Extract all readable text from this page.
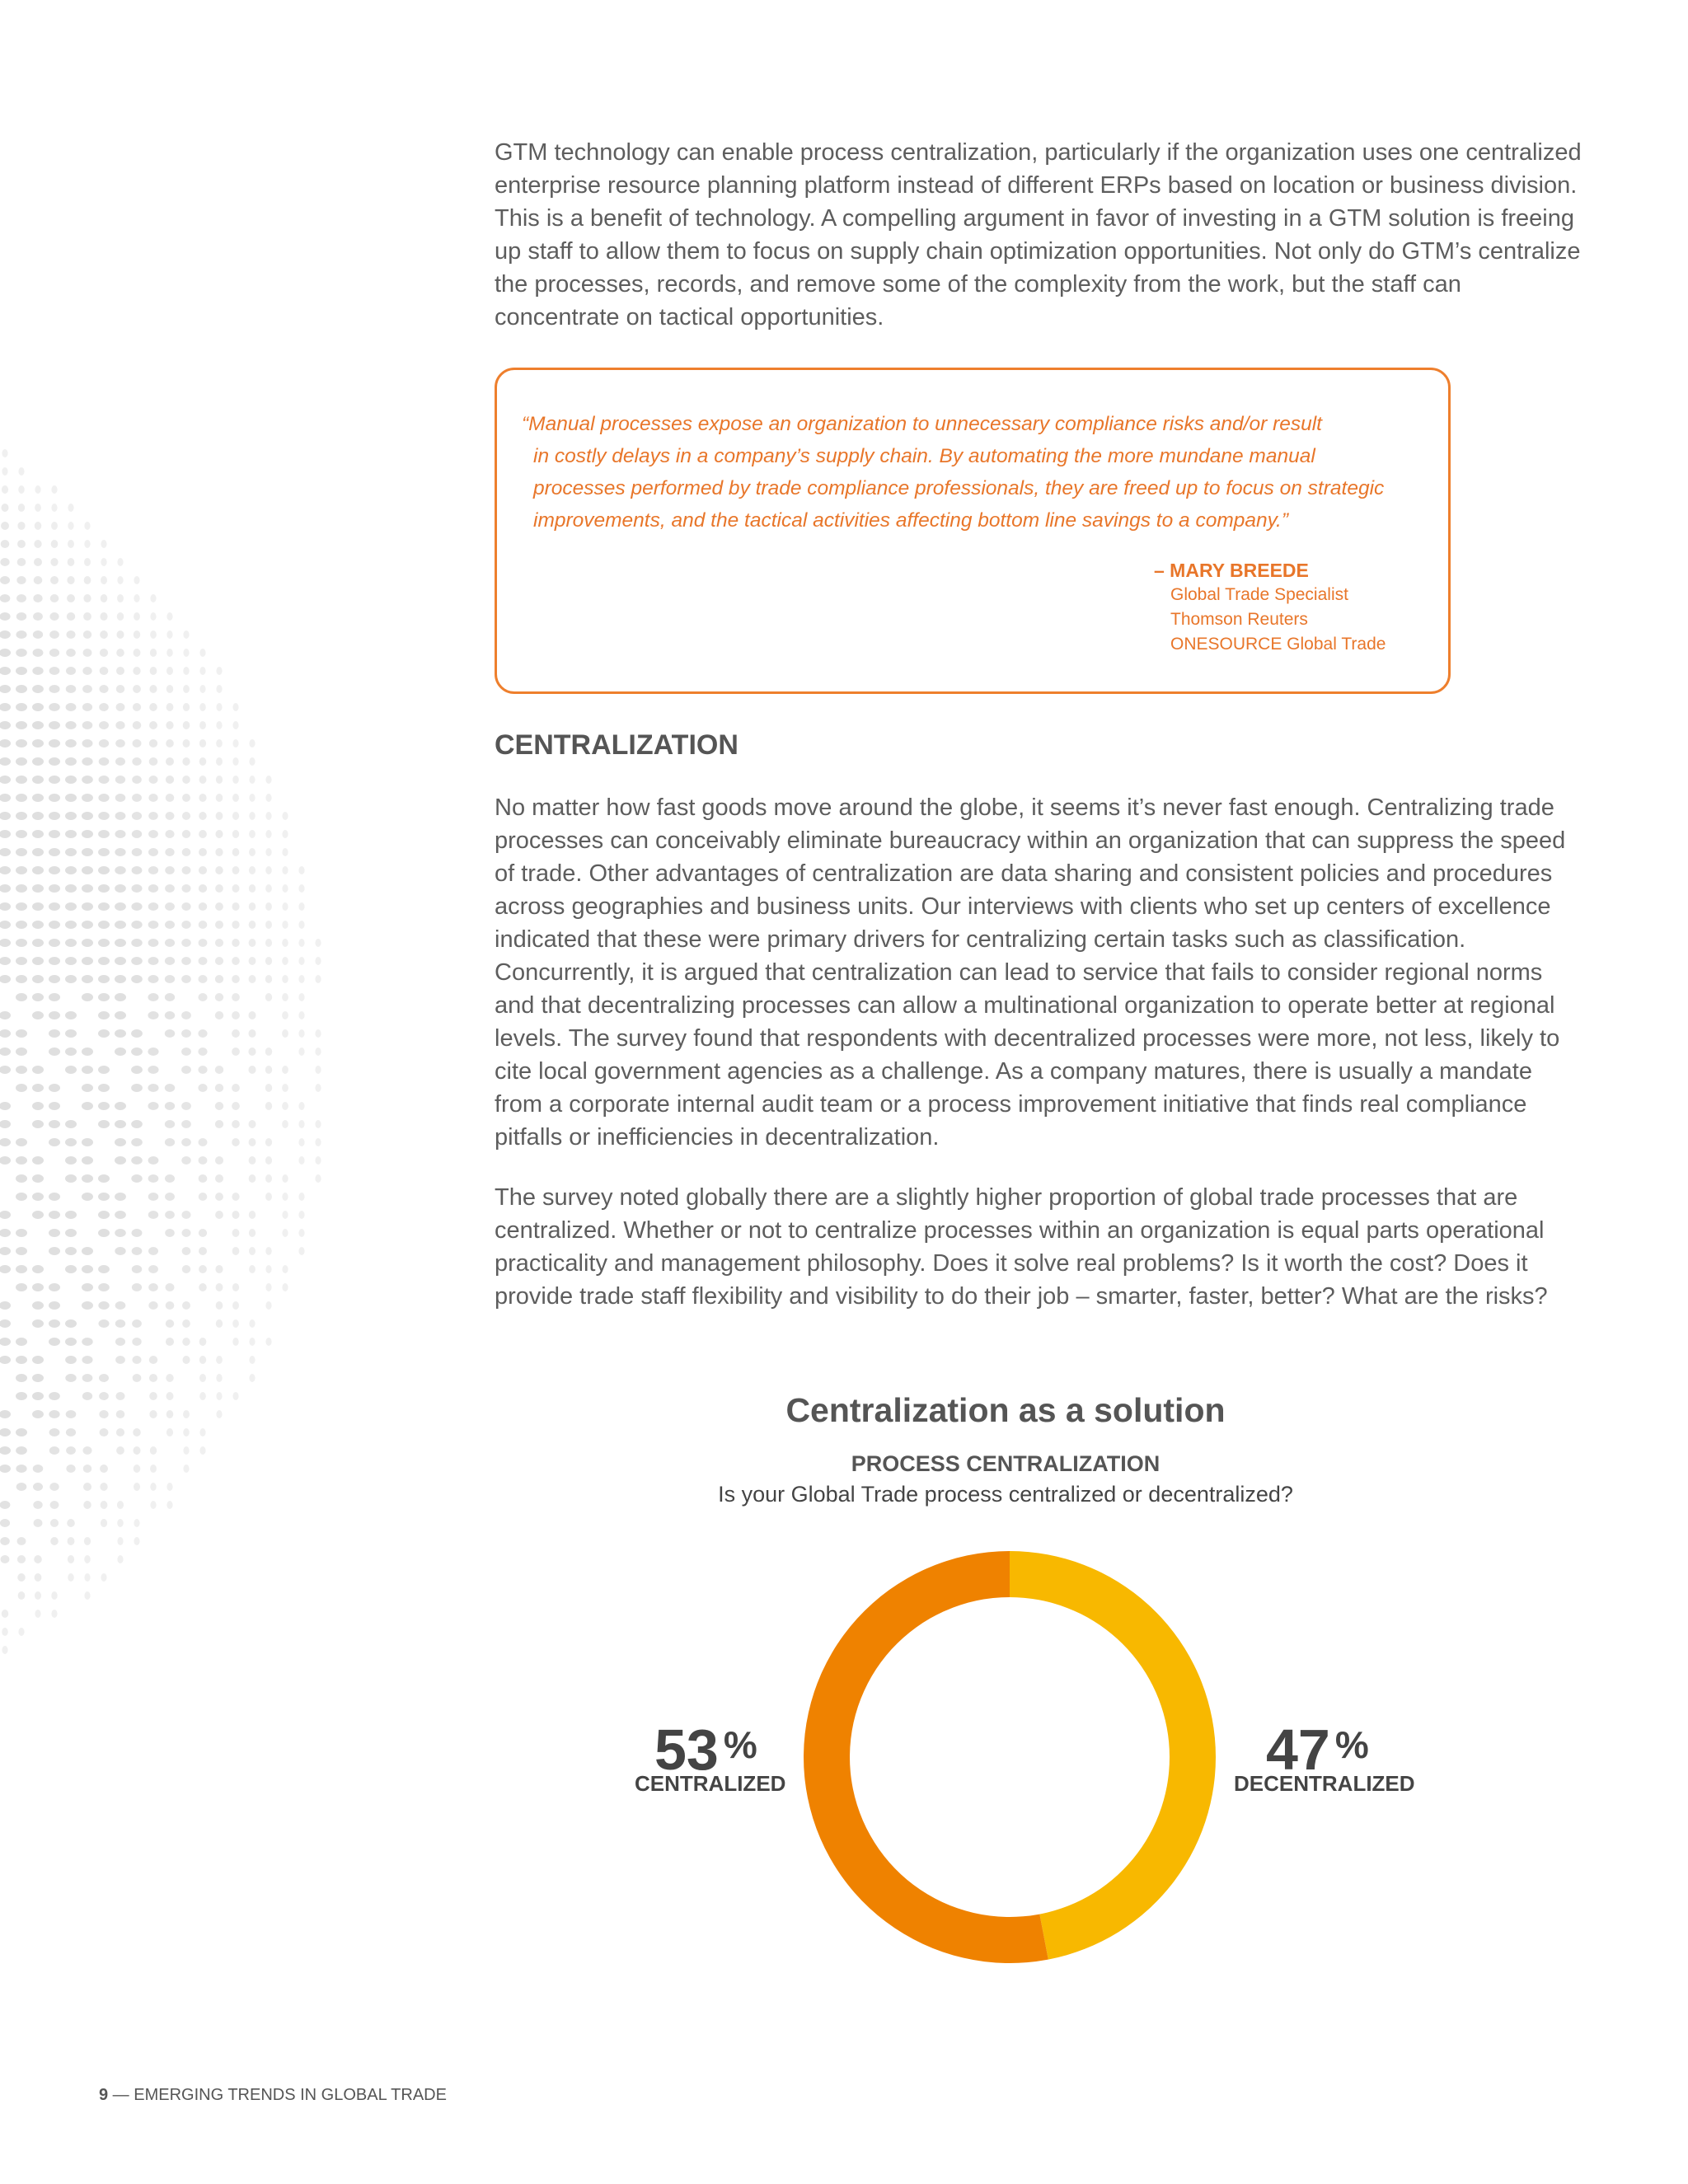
GTM technology can enable process centralization, particularly if the organization uses one centralized enterprise resource planning platform instead of different ERPs based on location or business division. This is a benefit of technology. A compelling argument in favor of investing in a GTM solution is freeing up staff to allow them to focus on supply chain optimization opportunities. Not only do GTM’s centralize the processes, records, and remove some of the complexity from the work, but the staff can concentrate on tactical opportunities.

“Manual processes expose an organization to unnecessary compliance risks and/or result
in costly delays in a company’s supply chain. By automating the more mundane manual
processes performed by trade compliance professionals, they are freed up to focus on strategic
improvements, and the tactical activities affecting bottom line savings to a company.”
– MARY BREEDE
Global Trade Specialist
Thomson Reuters
ONESOURCE Global Trade
CENTRALIZATION

No matter how fast goods move around the globe, it seems it’s never fast enough. Centralizing trade processes can conceivably eliminate bureaucracy within an organization that can suppress the speed of trade. Other advantages of centralization are data sharing and consistent policies and procedures across geographies and business units. Our interviews with clients who set up centers of excellence indicated that these were primary drivers for centralizing certain tasks such as classification. Concurrently, it is argued that centralization can lead to service that fails to consider regional norms and that decentralizing processes can allow a multinational organization to operate better at regional levels. The survey found that respondents with decentralized processes were more, not less, likely to cite local government agencies as a challenge. As a company matures, there is usually a mandate from a corporate internal audit team or a process improvement initiative that finds real compliance pitfalls or inefficiencies in decentralization.

The survey noted globally there are a slightly higher proportion of global trade processes that are centralized. Whether or not to centralize processes within an organization is equal parts operational practicality and management philosophy. Does it solve real problems? Is it worth the cost? Does it provide trade staff flexibility and visibility to do their job – smarter, faster, better? What are the risks?

Centralization as a solution
PROCESS CENTRALIZATION
Is your Global Trade process centralized or decentralized?
53 %
CENTRALIZED
47 %
DECENTRALIZED
9 — EMERGING TRENDS IN GLOBAL TRADE
